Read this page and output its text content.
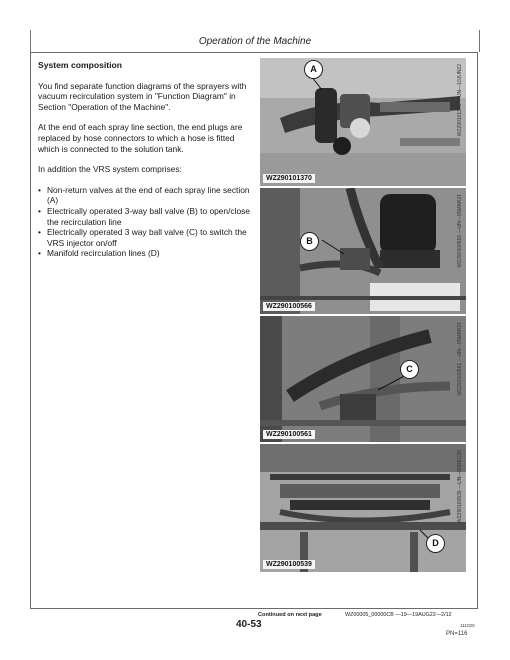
Operation of the Machine
System composition

You find separate function diagrams of the sprayers with vacuum recirculation system in "Function Diagram" in Section "Operation of the Machine".

At the end of each spray line section, the end plugs are replaced by hose connectors to which a hose is fitted which is connected to the solution tank.

In addition the VRS system comprises:

• Non-return valves at the end of each spray line section (A)
• Electrically operated 3-way ball valve (B) to open/close the recirculation line
• Electrically operated 3 way ball valve (C) to switch the VRS injector on/off
• Manifold recirculation lines (D)
A
WZ290101370
WZ290101370 —UN—10JUN22
B
WZ290100566
WZ290100566 —UN—05MAR21
C
WZ290100561
WZ290100561 —UN—05MAR21
D
WZ290100539
WZ290100539 —UN—05DEC20
Continued on next page	WZ00005_00000CB —19—19AUG22—2/12
40-53	111020
PN=116
